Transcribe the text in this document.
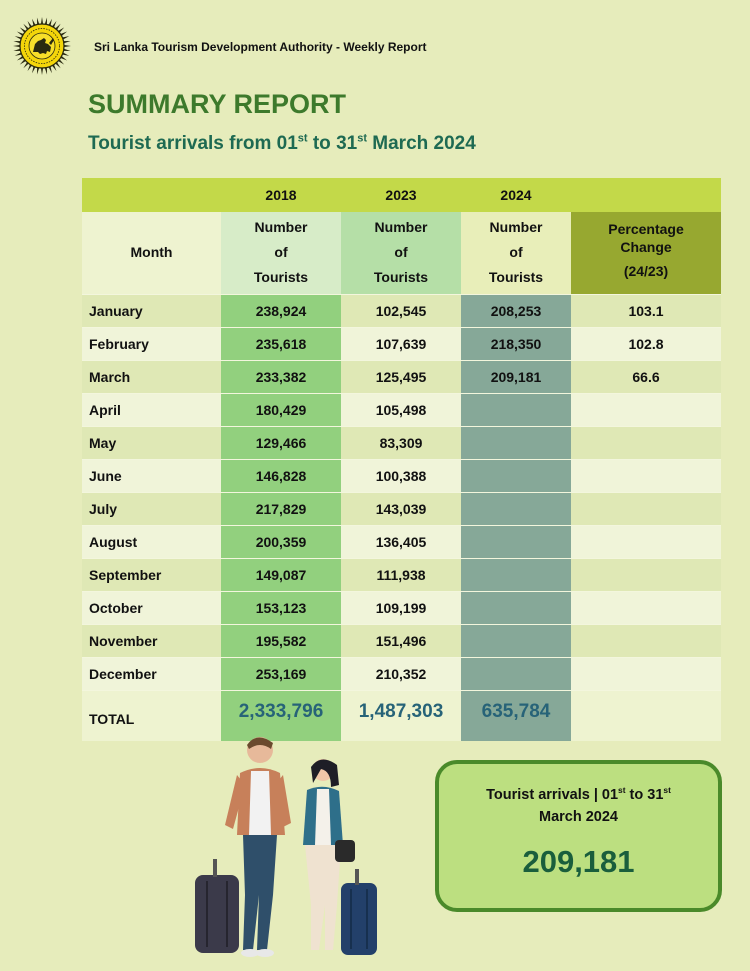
Sri Lanka Tourism Development Authority - Weekly Report
SUMMARY REPORT
Tourist arrivals from 01st to 31st March 2024
	2018	2023	2024	
Month	Number
of
Tourists	Number
of
Tourists	Number
of
Tourists	Percentage
Change
(24/23)
January	238,924	102,545	208,253	103.1
February	235,618	107,639	218,350	102.8
March	233,382	125,495	209,181	66.6
April	180,429	105,498		
May	129,466	83,309		
June	146,828	100,388		
July	217,829	143,039		
August	200,359	136,405		
September	149,087	111,938		
October	153,123	109,199		
November	195,582	151,496		
December	253,169	210,352		
TOTAL	2,333,796	1,487,303	635,784	
Tourist arrivals | 01st to 31st
March 2024
209,181
